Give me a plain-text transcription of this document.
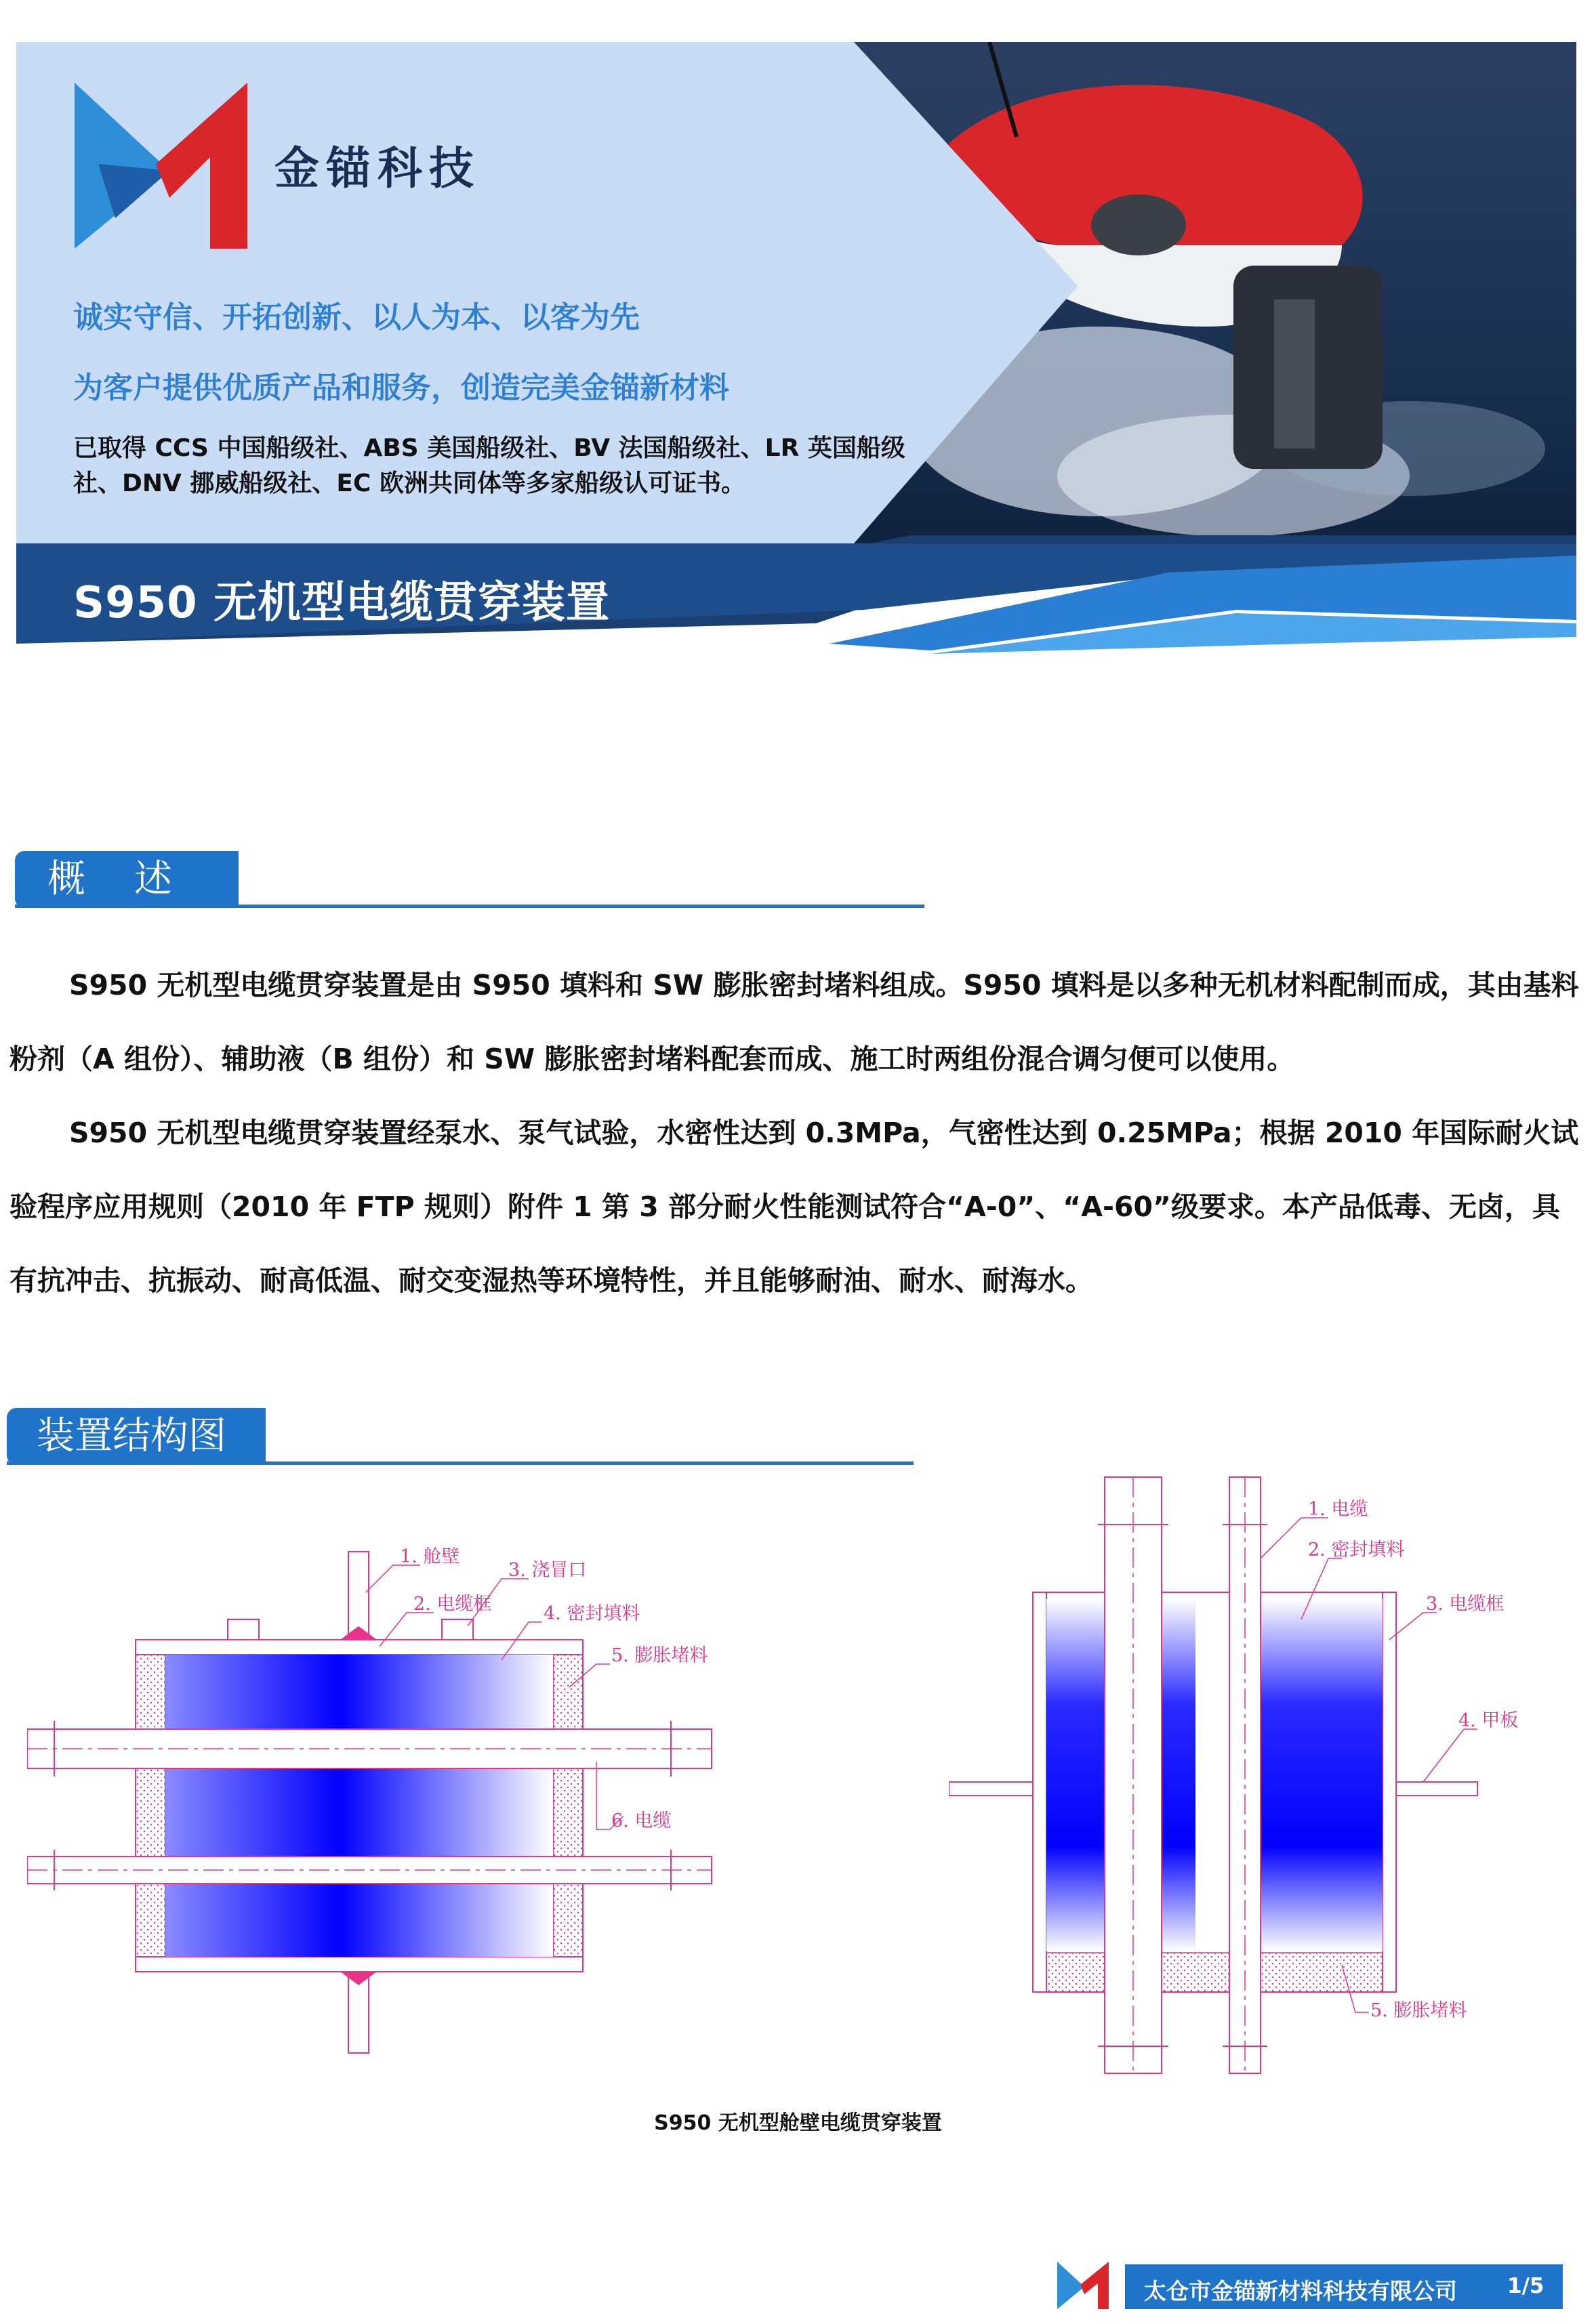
金锚科技
诚实守信、开拓创新、以人为本、以客为先
为客户提供优质产品和服务，创造完美金锚新材料
已取得 CCS 中国船级社、ABS 美国船级社、BV 法国船级社、LR 英国船级社、DNV 挪威船级社、EC 欧洲共同体等多家船级认可证书。
S950 无机型电缆贯穿装置
概述

S950 无机型电缆贯穿装置是由 S950 填料和 SW 膨胀密封堵料组成。S950 填料是以多种无机材料配制而成，其由基料粉剂（A 组份）、辅助液（B 组份）和 SW 膨胀密封堵料配套而成、施工时两组份混合调匀便可以使用。

S950 无机型电缆贯穿装置经泵水、泵气试验，水密性达到 0.3MPa，气密性达到 0.25MPa；根据 2010 年国际耐火试验程序应用规则（2010 年 FTP 规则）附件 1 第 3 部分耐火性能测试符合“A-0”、“A-60”级要求。本产品低毒、无卤，具有抗冲击、抗振动、耐高低温、耐交变湿热等环境特性，并且能够耐油、耐水、耐海水。

装置结构图
1. 舱壁
2. 电缆框
3. 浇冒口
4. 密封填料
5. 膨胀堵料
6. 电缆
1. 电缆
2. 密封填料
3. 电缆框
4. 甲板
5. 膨胀堵料
S950 无机型舱壁电缆贯穿装置
太仓市金锚新材料科技有限公司 1/5
